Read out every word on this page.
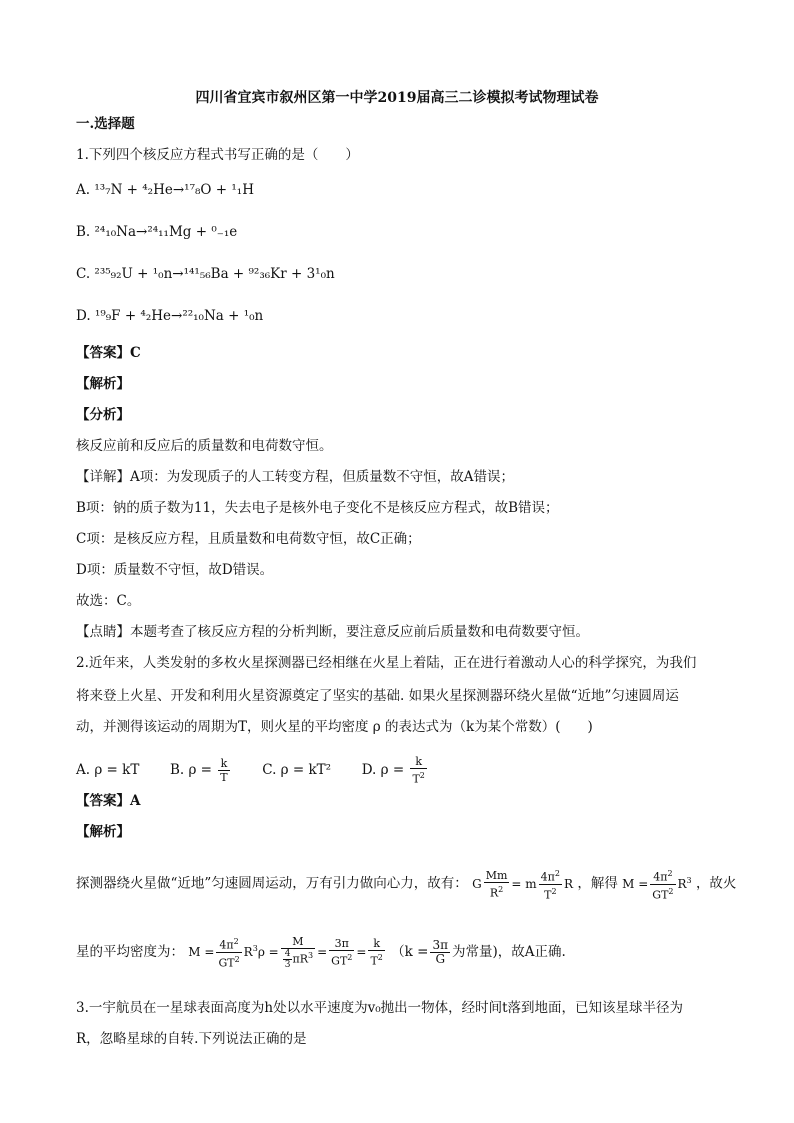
四川省宜宾市叙州区第一中学2019届高三二诊模拟考试物理试卷
一.选择题
1.下列四个核反应方程式书写正确的是（　　）
A. ¹³₇N + ⁴₂He→¹⁷₈O + ¹₁H
B. ²⁴₁₀Na→²⁴₁₁Mg + ⁰₋₁e
C. ²³⁵₉₂U + ¹₀n→¹⁴¹₅₆Ba + ⁹²₃₆Kr + 3¹₀n
D. ¹⁹₉F + ⁴₂He→²²₁₀Na + ¹₀n
【答案】C
【解析】
【分析】
核反应前和反应后的质量数和电荷数守恒。
【详解】A项：为发现质子的人工转变方程，但质量数不守恒，故A错误；
B项：钠的质子数为11，失去电子是核外电子变化不是核反应方程式，故B错误；
C项：是核反应方程，且质量数和电荷数守恒，故C正确；
D项：质量数不守恒，故D错误。
故选：C。
【点睛】本题考查了核反应方程的分析判断，要注意反应前后质量数和电荷数要守恒。
2.近年来，人类发射的多枚火星探测器已经相继在火星上着陆，正在进行着激动人心的科学探究，为我们
将来登上火星、开发和利用火星资源奠定了坚实的基础. 如果火星探测器环绕火星做“近地”匀速圆周运
动，并测得该运动的周期为T，则火星的平均密度 ρ 的表达式为（k为某个常数）(　　)
A. ρ = kT B. $\rho = \frac{k}{T} C$. ρ = kT² D. $\rho = \frac{k}{T^2}$
【答案】A
【解析】
探测器绕火星做“近地”匀速圆周运动，万有引力做向心力，故有： G $\frac{Mm}{R^2} = m \frac{4\pi^2}{T^2}$ R ，解得 $M = \frac{4\pi^2}{GT^2} R^3$ ，故火
星的平均密度为： $M = \frac{4\pi^2}{GT^2} R^3\rho = \frac{M}{\frac{4}{3} \pi R^3} = \frac{3\pi}{GT^2} = \frac{k}{T^2} (k = \frac{3\pi}{G}$ 为常量)，故A正确.
3.一宇航员在一星球表面高度为h处以水平速度为v₀抛出一物体，经时间t落到地面，已知该星球半径为
R，忽略星球的自转.下列说法正确的是
